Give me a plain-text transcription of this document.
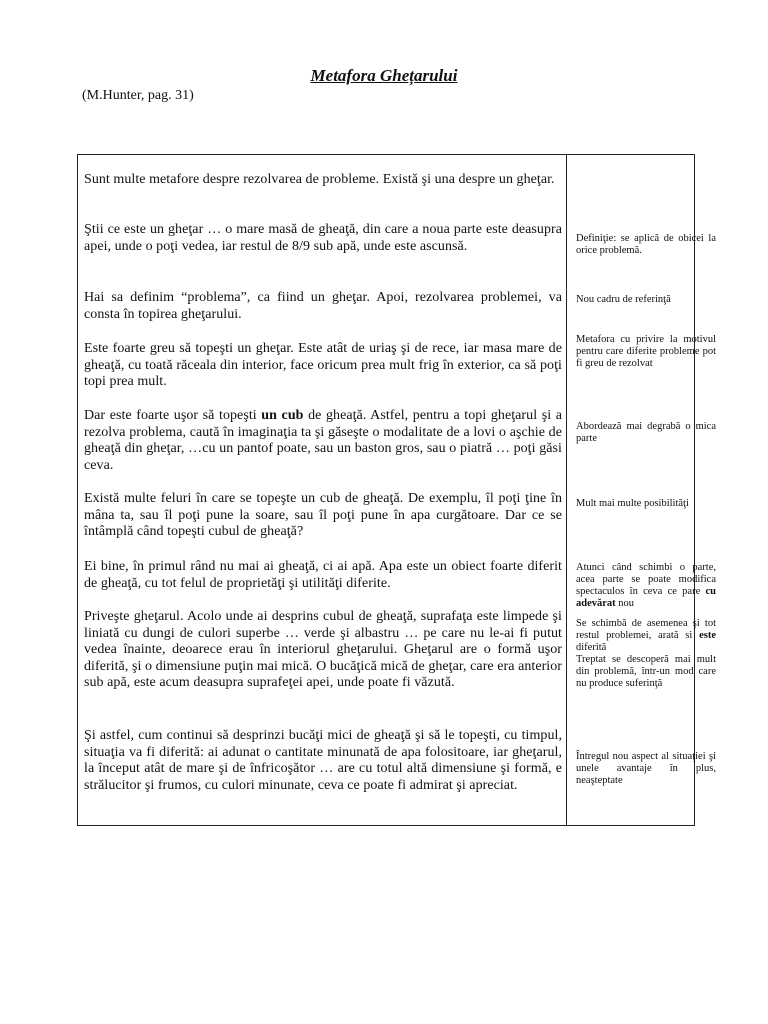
Metafora Ghețarului
(M.Hunter, pag. 31)
Sunt multe metafore despre rezolvarea de probleme. Există şi una despre un gheţar.
Ştii ce este un gheţar … o mare masă de gheaţă, din care a noua parte este deasupra apei, unde o poţi vedea, iar restul de 8/9 sub apă, unde este ascunsă.
Hai sa definim “problema”, ca fiind un gheţar. Apoi, rezolvarea problemei, va consta în topirea gheţarului.
Este foarte greu să topeşti un gheţar. Este atât de uriaş şi de rece, iar masa mare de gheaţă, cu toată răceala din interior, face oricum prea mult frig în exterior, ca să poţi topi prea mult.
Dar este foarte uşor să topeşti un cub de gheaţă. Astfel, pentru a topi gheţarul şi a rezolva problema, caută în imaginaţia ta şi găseşte o modalitate de a lovi o aşchie de gheaţă din gheţar, …cu un pantof poate, sau un baston gros, sau o piatră … poţi găsi ceva.
Există multe feluri în care se topeşte un cub de gheaţă. De exemplu, îl poţi ţine în mâna ta, sau îl poţi pune la soare, sau îl poţi pune în apa curgătoare. Dar ce se întâmplă când topeşti cubul de gheaţă?
Ei bine, în primul rând nu mai ai gheaţă, ci ai apă. Apa este un obiect foarte diferit de gheaţă, cu tot felul de proprietăţi şi utilităţi diferite.
Priveşte gheţarul. Acolo unde ai desprins cubul de gheaţă, suprafaţa este limpede şi liniată cu dungi de culori superbe … verde şi albastru … pe care nu le-ai fi putut vedea înainte, deoarece erau în interiorul gheţarului. Gheţarul are o formă uşor diferită, şi o dimensiune puţin mai mică. O bucăţică mică de gheţar, care era anterior sub apă, este acum deasupra suprafeţei apei, unde poate fi văzută.
Şi astfel, cum continui să desprinzi bucăţi mici de gheaţă şi să le topeşti, cu timpul, situaţia va fi diferită: ai adunat o cantitate minunată de apa folositoare, iar gheţarul, la început atât de mare şi de înfricoşător … are cu totul altă dimensiune şi formă, e strălucitor şi frumos, cu culori minunate, ceva ce poate fi admirat şi apreciat.
Definiţie: se aplică de obicei la orice problemă.
Nou cadru de referinţă
Metafora cu privire la motivul pentru care diferite probleme pot fi greu de rezolvat
Abordează mai degrabă o mica parte
Mult mai multe posibilităţi
Atunci când schimbi o parte, acea parte se poate modifica spectaculos în ceva ce pare cu adevărat nou
Se schimbă de asemenea şi tot restul problemei, arată si este diferită
Treptat se descoperă mai mult din problemă, într-un mod care nu produce suferinţă
Întregul nou aspect al situaţiei şi unele avantaje în plus, neaşteptate
